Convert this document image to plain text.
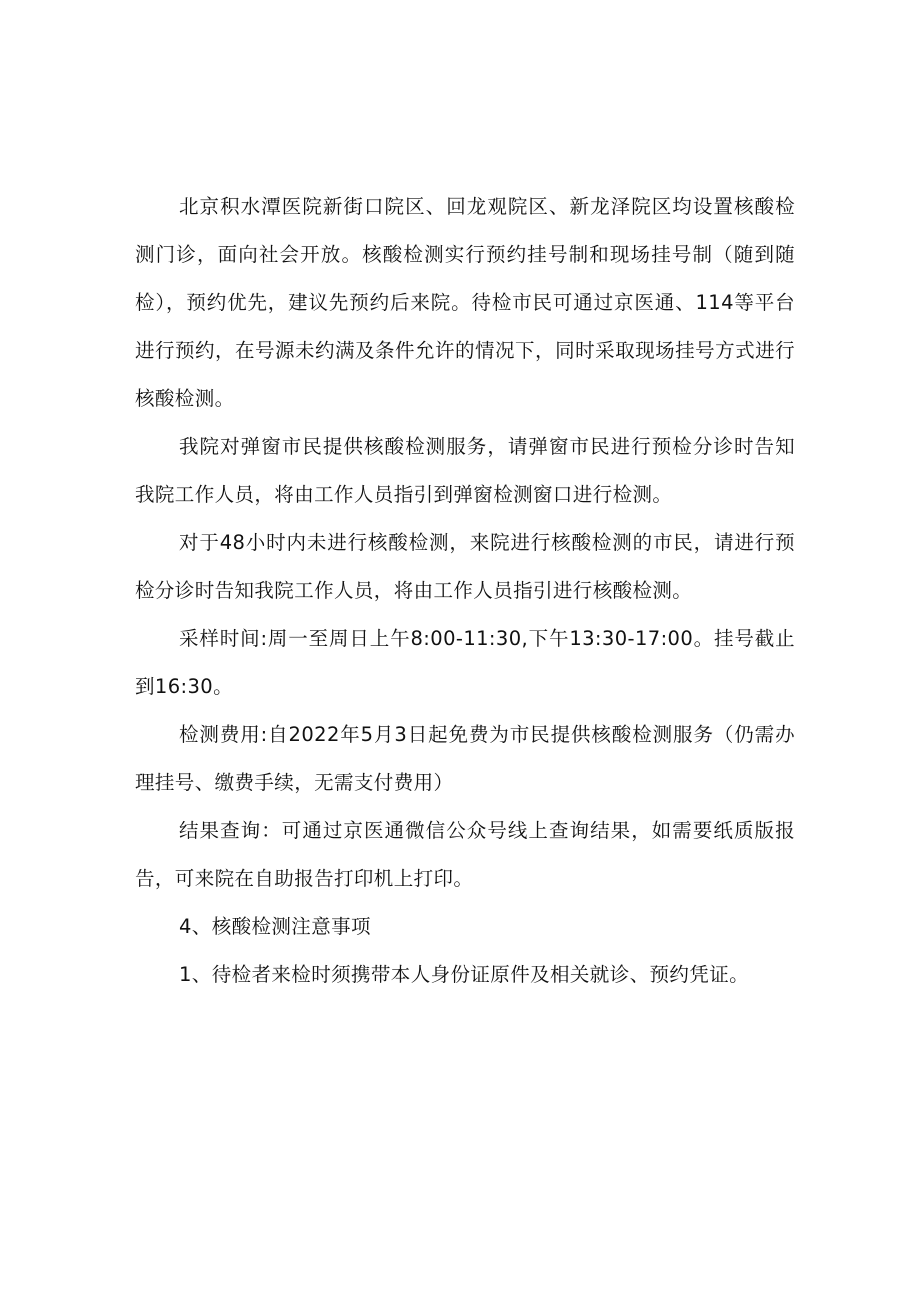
北京积水潭医院新街口院区、回龙观院区、新龙泽院区均设置核酸检测门诊，面向社会开放。核酸检测实行预约挂号制和现场挂号制（随到随检），预约优先，建议先预约后来院。待检市民可通过京医通、114等平台进行预约，在号源未约满及条件允许的情况下，同时采取现场挂号方式进行核酸检测。

我院对弹窗市民提供核酸检测服务，请弹窗市民进行预检分诊时告知我院工作人员，将由工作人员指引到弹窗检测窗口进行检测。

对于48小时内未进行核酸检测，来院进行核酸检测的市民，请进行预检分诊时告知我院工作人员，将由工作人员指引进行核酸检测。

采样时间:周一至周日上午8:00-11:30,下午13:30-17:00。挂号截止到16:30。

检测费用:自2022年5月3日起免费为市民提供核酸检测服务（仍需办理挂号、缴费手续，无需支付费用）

结果查询：可通过京医通微信公众号线上查询结果，如需要纸质版报告，可来院在自助报告打印机上打印。

4、核酸检测注意事项

1、待检者来检时须携带本人身份证原件及相关就诊、预约凭证。
